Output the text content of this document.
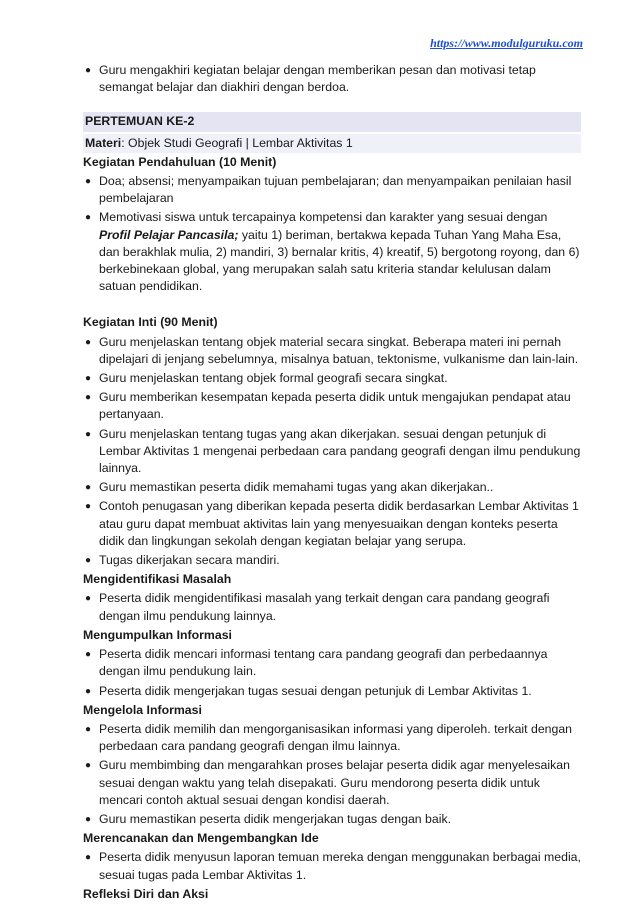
https://www.modulguruku.com
● Guru mengakhiri kegiatan belajar dengan memberikan pesan dan motivasi tetap semangat belajar dan diakhiri dengan berdoa.
PERTEMUAN KE-2
Materi: Objek Studi Geografi | Lembar Aktivitas 1
Kegiatan Pendahuluan (10 Menit)
● Doa; absensi; menyampaikan tujuan pembelajaran; dan menyampaikan penilaian hasil pembelajaran
● Memotivasi siswa untuk tercapainya kompetensi dan karakter yang sesuai dengan Profil Pelajar Pancasila; yaitu 1) beriman, bertakwa kepada Tuhan Yang Maha Esa, dan berakhlak mulia, 2) mandiri, 3) bernalar kritis, 4) kreatif, 5) bergotong royong, dan 6) berkebinekaan global, yang merupakan salah satu kriteria standar kelulusan dalam satuan pendidikan.
Kegiatan Inti (90 Menit)
● Guru menjelaskan tentang objek material secara singkat. Beberapa materi ini pernah dipelajari di jenjang sebelumnya, misalnya batuan, tektonisme, vulkanisme dan lain-lain.
● Guru menjelaskan tentang objek formal geografi secara singkat.
● Guru memberikan kesempatan kepada peserta didik untuk mengajukan pendapat atau pertanyaan.
● Guru menjelaskan tentang tugas yang akan dikerjakan. sesuai dengan petunjuk di Lembar Aktivitas 1 mengenai perbedaan cara pandang geografi dengan ilmu pendukung lainnya.
● Guru memastikan peserta didik memahami tugas yang akan dikerjakan..
● Contoh penugasan yang diberikan kepada peserta didik berdasarkan Lembar Aktivitas 1 atau guru dapat membuat aktivitas lain yang menyesuaikan dengan konteks peserta didik dan lingkungan sekolah dengan kegiatan belajar yang serupa.
● Tugas dikerjakan secara mandiri.
Mengidentifikasi Masalah
● Peserta didik mengidentifikasi masalah yang terkait dengan cara pandang geografi dengan ilmu pendukung lainnya.
Mengumpulkan Informasi
● Peserta didik mencari informasi tentang cara pandang geografi dan perbedaannya dengan ilmu pendukung lain.
● Peserta didik mengerjakan tugas sesuai dengan petunjuk di Lembar Aktivitas 1.
Mengelola Informasi
● Peserta didik memilih dan mengorganisasikan informasi yang diperoleh. terkait dengan perbedaan cara pandang geografi dengan ilmu lainnya.
● Guru membimbing dan mengarahkan proses belajar peserta didik agar menyelesaikan sesuai dengan waktu yang telah disepakati. Guru mendorong peserta didik untuk mencari contoh aktual sesuai dengan kondisi daerah.
● Guru memastikan peserta didik mengerjakan tugas dengan baik.
Merencanakan dan Mengembangkan Ide
● Peserta didik menyusun laporan temuan mereka dengan menggunakan berbagai media, sesuai tugas pada Lembar Aktivitas 1.
Refleksi Diri dan Aksi
